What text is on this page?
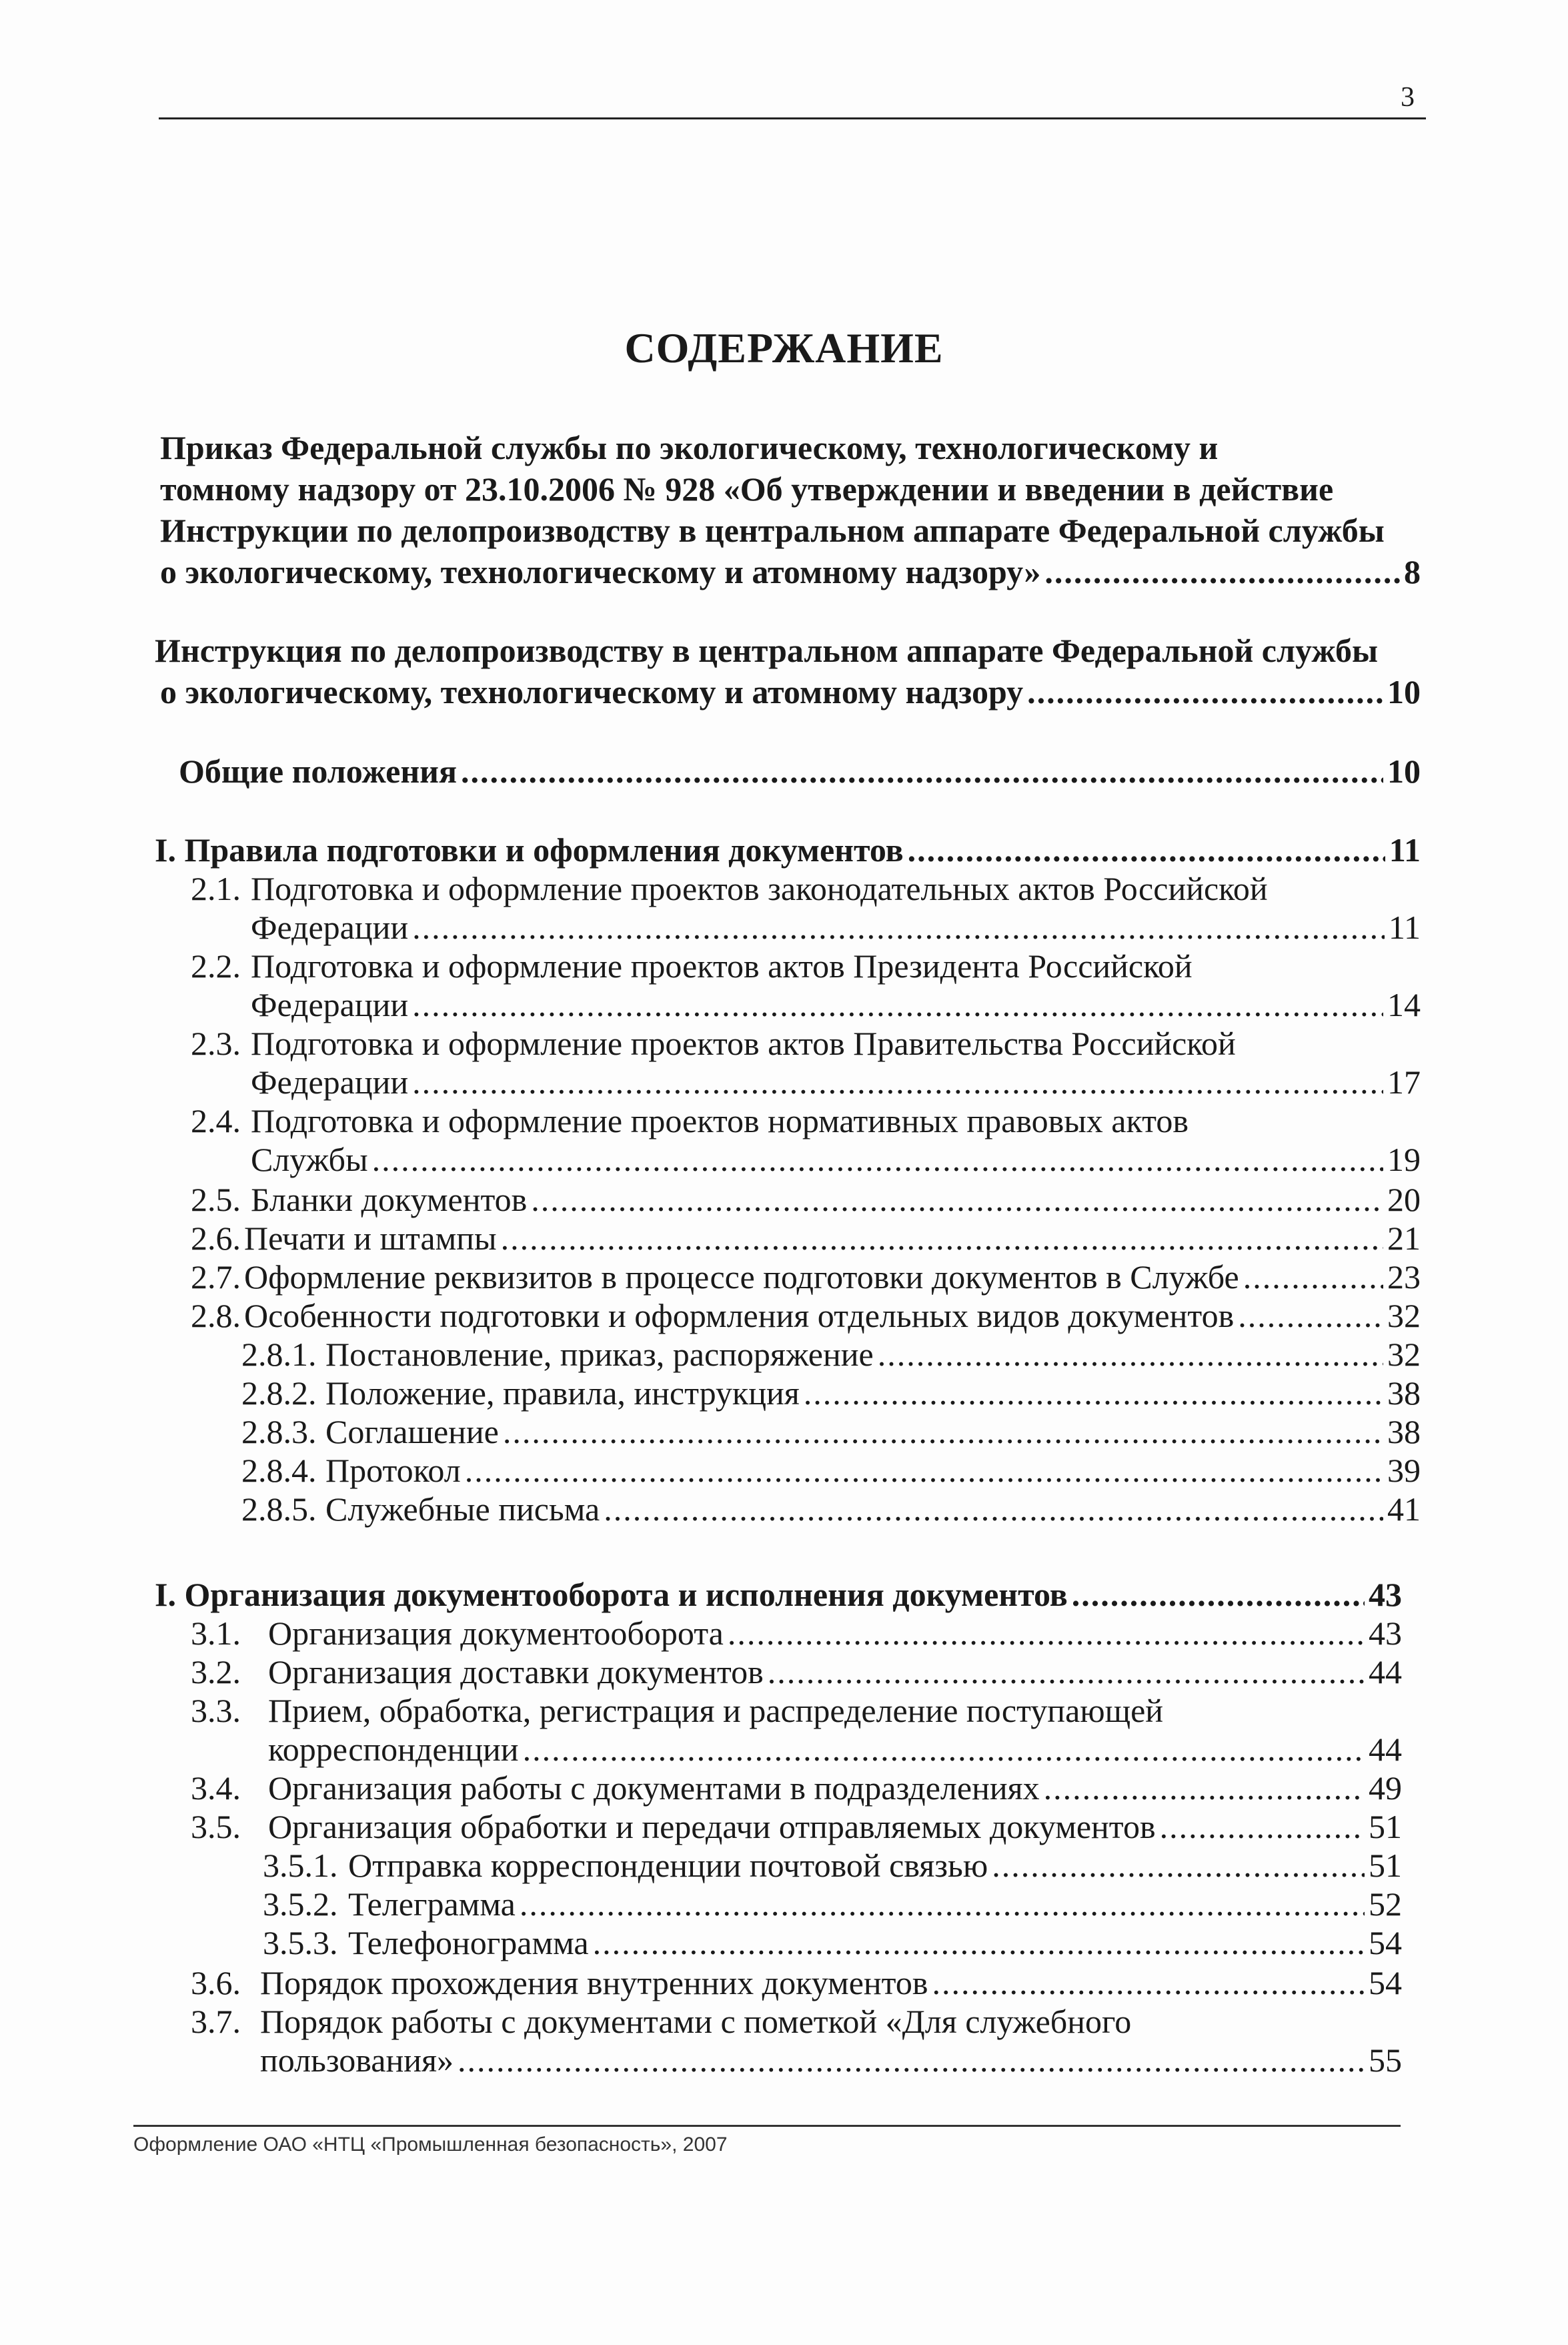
3
СОДЕРЖАНИЕ
Приказ Федеральной службы по экологическому, технологическому и
томному надзору от 23.10.2006 № 928 «Об утверждении и введении в действие
Инструкции по делопроизводству в центральном аппарате Федеральной службы
о экологическому, технологическому и атомному надзору» .....	8
Инструкция по делопроизводству в центральном аппарате Федеральной службы
о экологическому, технологическому и атомному надзору .....	10
Общие положения .....	10
I. Правила подготовки и оформления документов .....	11
2.1. Подготовка и оформление проектов законодательных актов Российской
Федерации .....	11
2.2. Подготовка и оформление проектов актов Президента Российской
Федерации .....	14
2.3. Подготовка и оформление проектов актов Правительства Российской
Федерации .....	17
2.4. Подготовка и оформление проектов нормативных правовых актов
Службы .....	19
2.5. Бланки документов .....	20
2.6. Печати и штампы .....	21
2.7. Оформление реквизитов в процессе подготовки документов в Службе .....	23
2.8. Особенности подготовки и оформления отдельных видов документов .....	32
2.8.1. Постановление, приказ, распоряжение .....	32
2.8.2. Положение, правила, инструкция .....	38
2.8.3. Соглашение .....	38
2.8.4. Протокол .....	39
2.8.5. Служебные письма .....	41
I. Организация документооборота и исполнения документов .....	43
3.1. Организация документооборота .....	43
3.2. Организация доставки документов .....	44
3.3. Прием, обработка, регистрация и распределение поступающей
корреспонденции .....	44
3.4. Организация работы с документами в подразделениях .....	49
3.5. Организация обработки и передачи отправляемых документов .....	51
3.5.1. Отправка корреспонденции почтовой связью .....	51
3.5.2. Телеграмма .....	52
3.5.3. Телефонограмма .....	54
3.6. Порядок прохождения внутренних документов .....	54
3.7. Порядок работы с документами с пометкой «Для служебного
пользования» .....	55
Оформление ОАО «НТЦ «Промышленная безопасность», 2007
